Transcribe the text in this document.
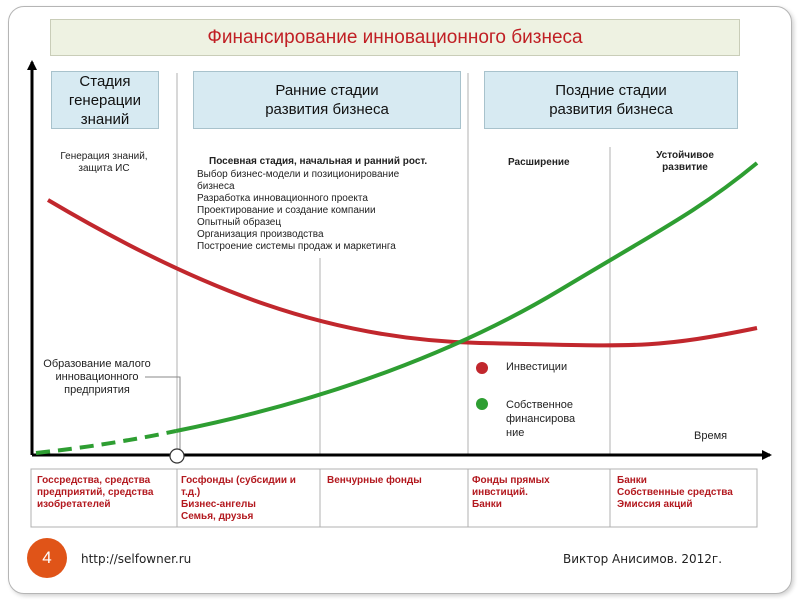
Финансирование инновационного бизнеса
Стадия
генерации
знаний
Ранние стадии
развития бизнеса
Поздние стадии
развития бизнеса
Генерация знаний,
защита ИС
Посевная стадия, начальная и ранний рост.
Выбор бизнес-модели и позиционирование
бизнеса
Разработка инновационного проекта
Проектирование и создание компании
Опытный образец
Организация производства
Построение системы продаж и маркетинга
Расширение
Устойчивое
развитие
Образование малого
инновационного
предприятия
Инвестиции
Собственное
финансирова
ние	Время
Госсредства, средства
предприятий, средства
изобретателей
Госфонды (субсидии и
т.д.)
Бизнес-ангелы
Семья, друзья
Венчурные фонды	Фонды прямых
инвстиций.
Банки
Банки
Собственные средства
Эмиссия акций
4 http://selfowner.ru	Виктор Анисимов. 2012г.
